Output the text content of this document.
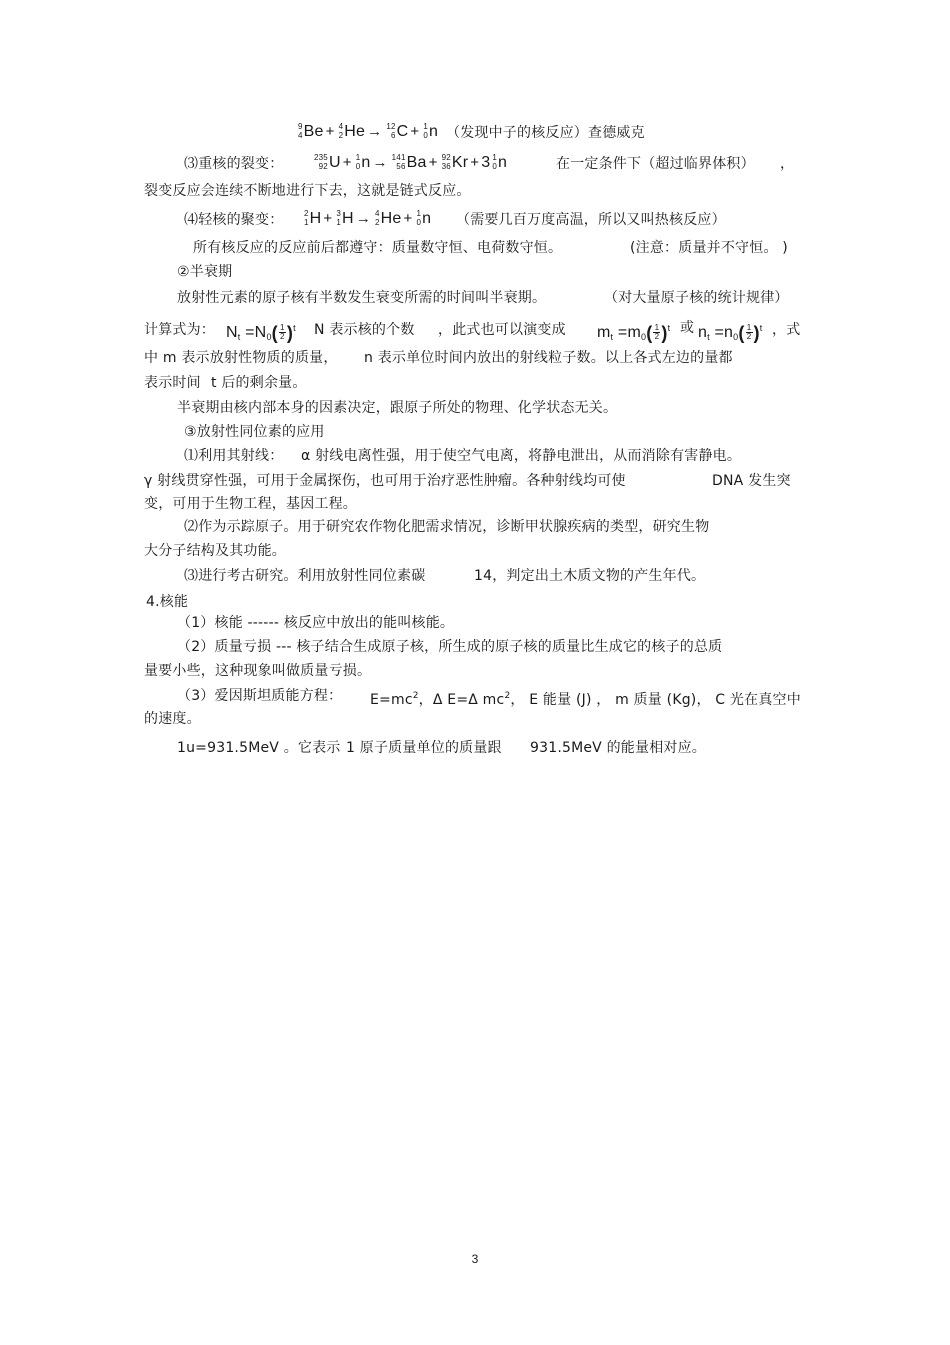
9
4 Be + 4
2 He → 12
6 C + 1
0 n （发现中子的核反应）查德威克
⑶重核的裂变：	235
92 U + 1
0 n → 141
56 Ba + 92
36 Kr + 3 1
0 n	在一定条件下（超过临界体积） ，
裂变反应会连续不断地进行下去，这就是链式反应。
⑷轻核的聚变：	2
1 H + 3
1 H → 4
2 He + 1
0 n （需要几百万度高温，所以又叫热核反应）
所有核反应的反应前后都遵守：质量数守恒、电荷数守恒。	(注意：质量并不守恒。 )
②半衰期
放射性元素的原子核有半数发生衰变所需的时间叫半衰期。	（对大量原子核的统计规律）
计算式为： $N_t =N_0( \frac{1}{2} )^t$ N 表示核的个数 ，此式也可以演变成 $m_t =m_0( \frac{1}{2} )^t$ 或 $n_t =n_0( \frac{1}{2} )^t$ ，式
中 m 表示放射性物质的质量， n 表示单位时间内放出的射线粒子数。以上各式左边的量都
表示时间 t 后的剩余量。
半衰期由核内部本身的因素决定，跟原子所处的物理、化学状态无关。
③放射性同位素的应用
⑴利用其射线： α 射线电离性强，用于使空气电离，将静电泄出，从而消除有害静电。
γ 射线贯穿性强，可用于金属探伤，也可用于治疗恶性肿瘤。各种射线均可使	DNA 发生突
变，可用于生物工程，基因工程。
⑵作为示踪原子。用于研究农作物化肥需求情况，诊断甲状腺疾病的类型，研究生物
大分子结构及其功能。
⑶进行考古研究。利用放射性同位素碳	14，判定出土木质文物的产生年代。
4.核能
（1）核能 ------ 核反应中放出的能叫核能。
（2）质量亏损 --- 核子结合生成原子核，所生成的原子核的质量比生成它的核子的总质
量要小些，这种现象叫做质量亏损。
（3）爱因斯坦质能方程： $E=mc^2$，Δ E=Δ $mc^2$， E 能量 (J) ， m 质量 (Kg)， C 光在真空中
的速度。
1u=931.5MeV 。它表示 1 原子质量单位的质量跟 931.5MeV 的能量相对应。
3
